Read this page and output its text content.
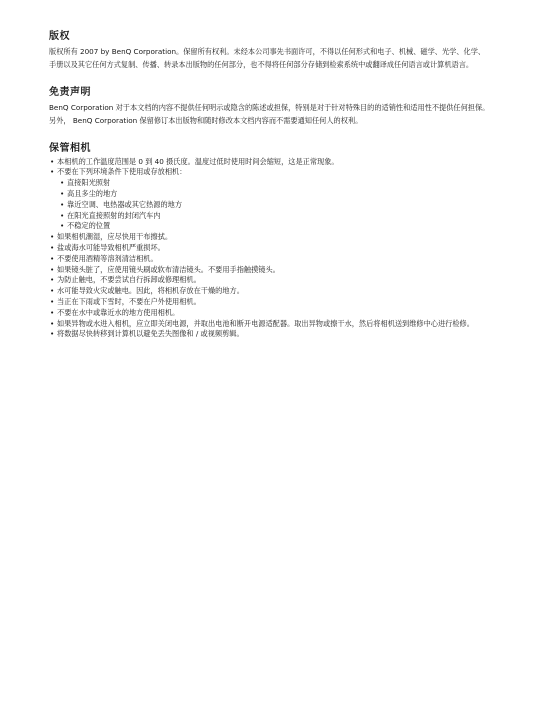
版权

版权所有 2007 by BenQ Corporation。保留所有权利。未经本公司事先书面许可，不得以任何形式和电子、机械、磁学、光学、化学、手册以及其它任何方式复制、传播、转录本出版物的任何部分，也不得将任何部分存储到检索系统中或翻译成任何语言或计算机语言。

免责声明

BenQ Corporation 对于本文档的内容不提供任何明示或隐含的陈述或担保，特别是对于针对特殊目的的适销性和适用性不提供任何担保。另外， BenQ Corporation 保留修订本出版物和随时修改本文档内容而不需要通知任何人的权利。

保管相机
• 本相机的工作温度范围是 0 到 40 摄氏度。温度过低时使用时间会缩短，这是正常现象。
• 不要在下列环境条件下使用或存放相机：
• 直接阳光照射
• 高且多尘的地方
• 靠近空调、电热器或其它热源的地方
• 在阳光直接照射的封闭汽车内
• 不稳定的位置
• 如果相机潮湿，应尽快用干布擦拭。
• 盐或海水可能导致相机严重损坏。
• 不要使用酒精等溶剂清洁相机。
• 如果镜头脏了，应使用镜头刷或软布清洁镜头。不要用手指触摸镜头。
• 为防止触电，不要尝试自行拆卸或修理相机。
• 水可能导致火灾或触电。因此，将相机存放在干燥的地方。
• 当正在下雨或下雪时，不要在户外使用相机。
• 不要在水中或靠近水的地方使用相机。
• 如果异物或水进入相机，应立即关闭电源，并取出电池和断开电源适配器。取出异物或擦干水，然后将相机送到维修中心进行检修。
• 将数据尽快转移到计算机以避免丢失图像和 / 或视频剪辑。
